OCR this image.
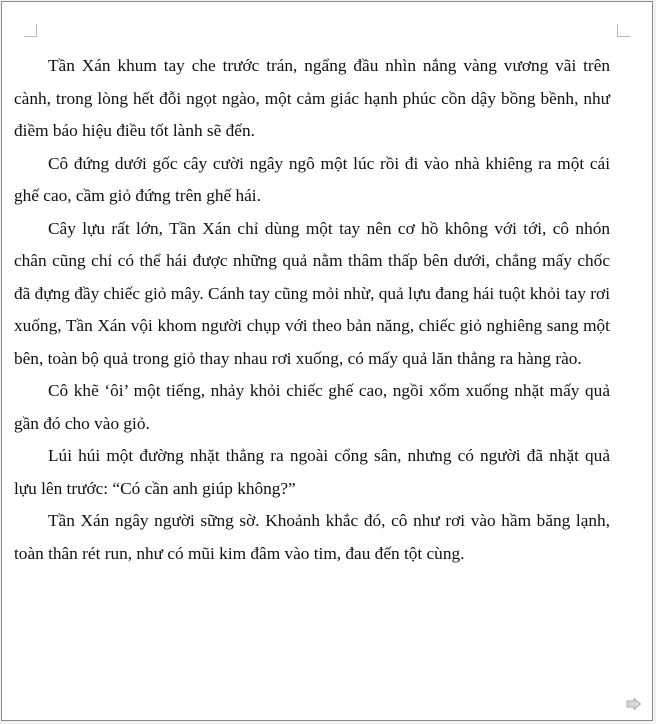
Tần Xán khum tay che trước trán, ngẩng đầu nhìn nắng vàng vương vãi trên cành, trong lòng hết đỗi ngọt ngào, một cảm giác hạnh phúc cồn dậy bồng bềnh, như điềm báo hiệu điều tốt lành sẽ đến.

Cô đứng dưới gốc cây cười ngây ngô một lúc rồi đi vào nhà khiêng ra một cái ghế cao, cầm giỏ đứng trên ghế hái.

Cây lựu rất lớn, Tần Xán chỉ dùng một tay nên cơ hồ không với tới, cô nhón chân cũng chỉ có thể hái được những quả nằm thâm thấp bên dưới, chẳng mấy chốc đã đựng đầy chiếc giỏ mây. Cánh tay cũng mỏi nhừ, quả lựu đang hái tuột khỏi tay rơi xuống, Tần Xán vội khom người chụp với theo bản năng, chiếc giỏ nghiêng sang một bên, toàn bộ quả trong giỏ thay nhau rơi xuống, có mấy quả lăn thẳng ra hàng rào.

Cô khẽ ‘ôi’ một tiếng, nhảy khỏi chiếc ghế cao, ngồi xổm xuống nhặt mấy quả gần đó cho vào giỏ.

Lúi húi một đường nhặt thẳng ra ngoài cổng sân, nhưng có người đã nhặt quả lựu lên trước: “Có cần anh giúp không?”

Tần Xán ngây người sững sờ. Khoảnh khắc đó, cô như rơi vào hầm băng lạnh, toàn thân rét run, như có mũi kim đâm vào tim, đau đến tột cùng.
